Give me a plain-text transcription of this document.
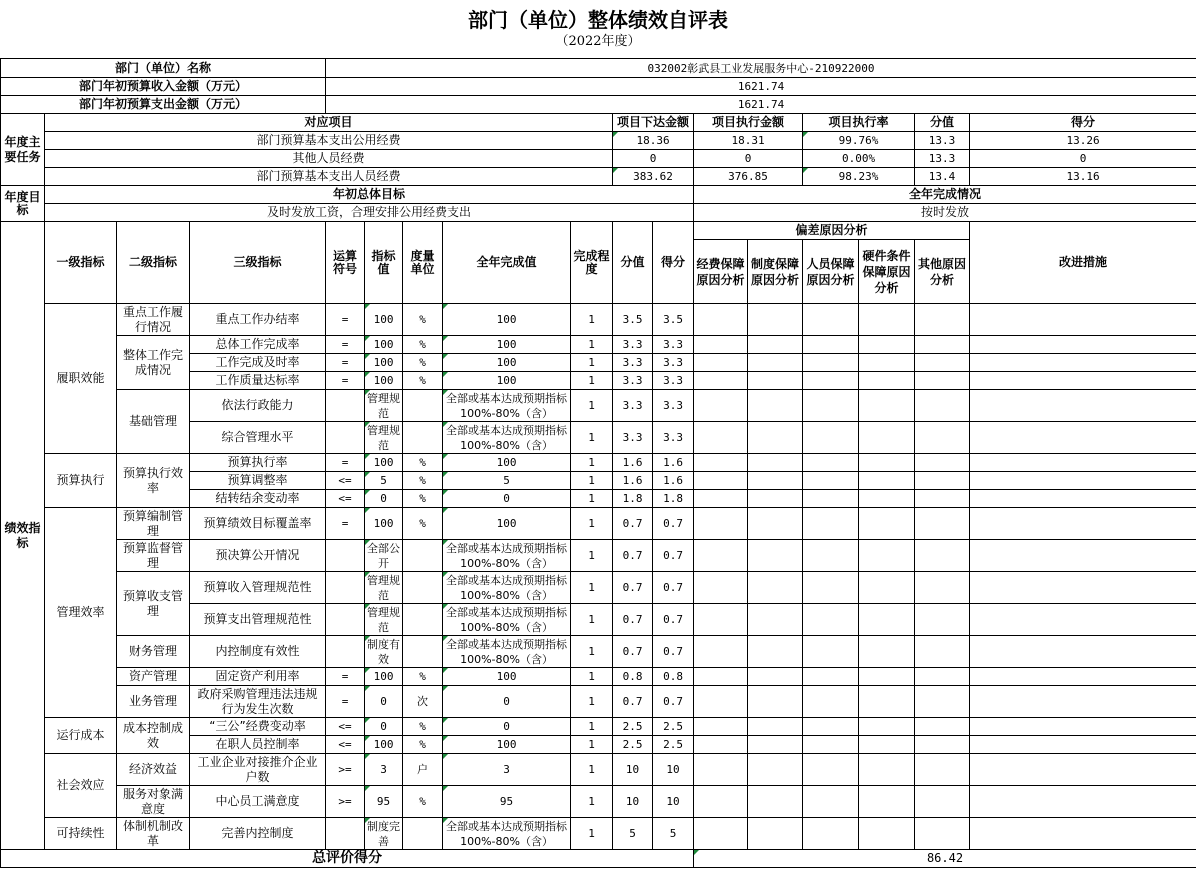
部门（单位）整体绩效自评表
（2022年度）
部门（单位）名称				032002彰武县工业发展服务中心-210922000												
部门年初预算收入金额（万元）				1621.74												
部门年初预算支出金额（万元）				1621.74												
年度主要任务	对应项目								项目下达金额		项目执行金额		项目执行率		分值	得分
	部门预算基本支出公用经费								18.36		18.31		99.76%		13.3	13.26
	其他人员经费								0		0		0.00%		13.3	0
	部门预算基本支出人员经费								383.62		376.85		98.23%		13.4	13.16
年度目标	年初总体目标										全年完成情况					
	及时发放工资，合理安排公用经费支出										按时发放					
绩效指标	一级指标	二级指标	三级指标	运算符号	指标值	度量单位	全年完成值	完成程度	分值	得分	偏差原因分析					改进措施
											经费保障原因分析	制度保障原因分析	人员保障原因分析	硬件条件保障原因分析	其他原因分析	
	履职效能	重点工作履行情况	重点工作办结率	=	100	%	100	1	3.5	3.5						
		整体工作完成情况	总体工作完成率	=	100	%	100	1	3.3	3.3						
			工作完成及时率	=	100	%	100	1	3.3	3.3						
			工作质量达标率	=	100	%	100	1	3.3	3.3						
		基础管理	依法行政能力		管理规范		全部或基本达成预期指标100%-80%（含）	1	3.3	3.3						
			综合管理水平		管理规范		全部或基本达成预期指标100%-80%（含）	1	3.3	3.3						
	预算执行	预算执行效率	预算执行率	=	100	%	100	1	1.6	1.6						
			预算调整率	<=	5	%	5	1	1.6	1.6						
			结转结余变动率	<=	0	%	0	1	1.8	1.8						
	管理效率	预算编制管理	预算绩效目标覆盖率	=	100	%	100	1	0.7	0.7						
		预算监督管理	预决算公开情况		全部公开		全部或基本达成预期指标100%-80%（含）	1	0.7	0.7						
		预算收支管理	预算收入管理规范性		管理规范		全部或基本达成预期指标100%-80%（含）	1	0.7	0.7						
			预算支出管理规范性		管理规范		全部或基本达成预期指标100%-80%（含）	1	0.7	0.7						
		财务管理	内控制度有效性		制度有效		全部或基本达成预期指标100%-80%（含）	1	0.7	0.7						
		资产管理	固定资产利用率	=	100	%	100	1	0.8	0.8						
		业务管理	政府采购管理违法违规行为发生次数	=	0	次	0	1	0.7	0.7						
	运行成本	成本控制成效	“三公”经费变动率	<=	0	%	0	1	2.5	2.5						
			在职人员控制率	<=	100	%	100	1	2.5	2.5						
	社会效应	经济效益	工业企业对接推介企业户数	>=	3	户	3	1	10	10						
		服务对象满意度	中心员工满意度	>=	95	%	95	1	10	10						
	可持续性	体制机制改革	完善内控制度		制度完善		全部或基本达成预期指标100%-80%（含）	1	5	5						
总评价得分											86.42					
